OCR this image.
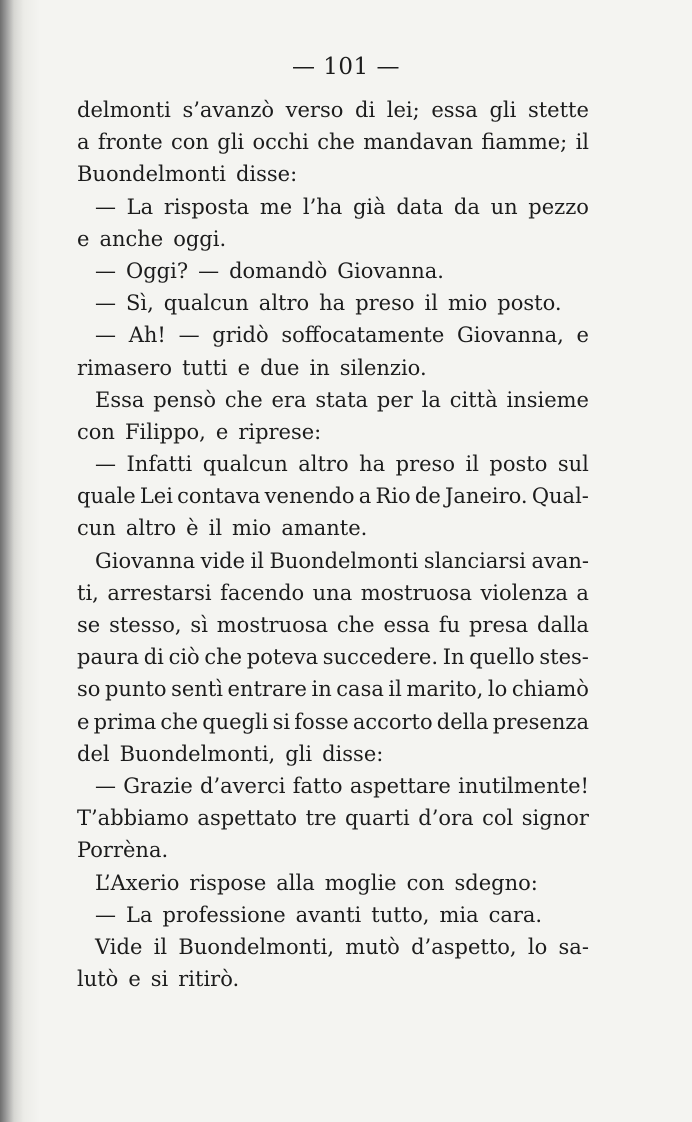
— 101 —
delmonti s’avanzò verso di lei; essa gli stette
a fronte con gli occhi che mandavan fiamme; il
Buondelmonti disse:
— La risposta me l’ha già data da un pezzo
e anche oggi.
— Oggi? — domandò Giovanna.
— Sì, qualcun altro ha preso il mio posto.
— Ah! — gridò soffocatamente Giovanna, e
rimasero tutti e due in silenzio.
Essa pensò che era stata per la città insieme
con Filippo, e riprese:
— Infatti qualcun altro ha preso il posto sul
quale Lei contava venendo a Rio de Janeiro. Qual-
cun altro è il mio amante.
Giovanna vide il Buondelmonti slanciarsi avan-
ti, arrestarsi facendo una mostruosa violenza a
se stesso, sì mostruosa che essa fu presa dalla
paura di ciò che poteva succedere. In quello stes-
so punto sentì entrare in casa il marito, lo chiamò
e prima che quegli si fosse accorto della presenza
del Buondelmonti, gli disse:
— Grazie d’averci fatto aspettare inutilmente!
T’abbiamo aspettato tre quarti d’ora col signor
Porrèna.
L’Axerio rispose alla moglie con sdegno:
— La professione avanti tutto, mia cara.
Vide il Buondelmonti, mutò d’aspetto, lo sa-
lutò e si ritirò.
